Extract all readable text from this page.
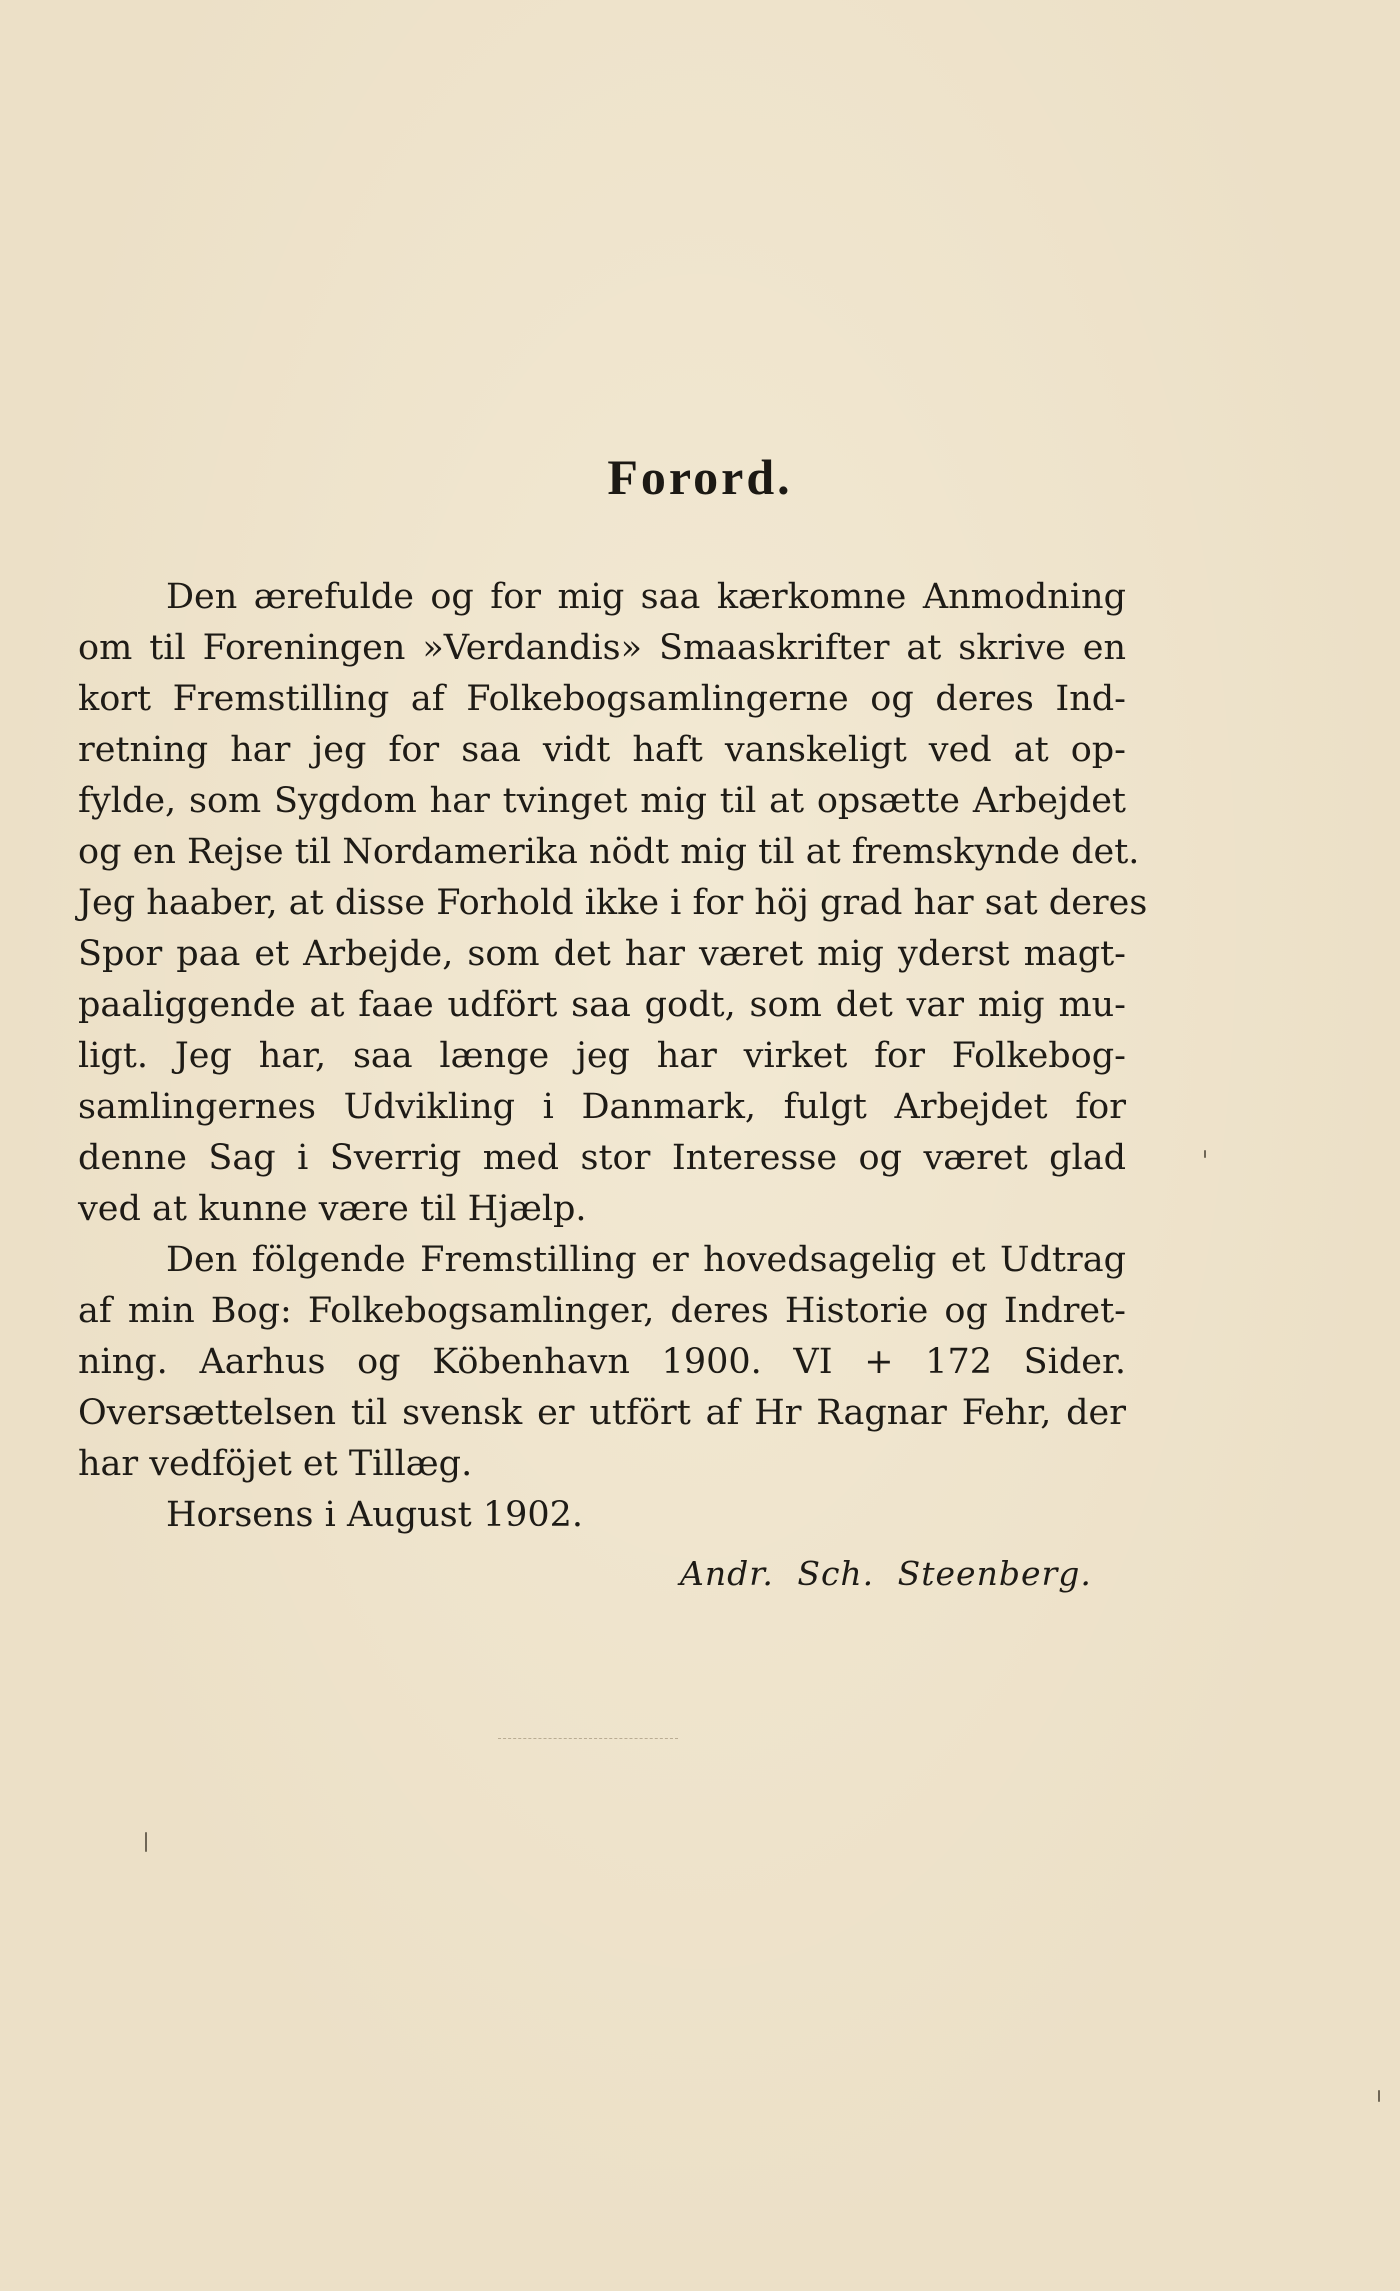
Forord.
Den ærefulde og for mig saa kærkomne Anmodning
om til Foreningen »Verdandis» Smaaskrifter at skrive en
kort Fremstilling af Folkebogsamlingerne og deres Ind-
retning har jeg for saa vidt haft vanskeligt ved at op-
fylde, som Sygdom har tvinget mig til at opsætte Arbejdet
og en Rejse til Nordamerika nödt mig til at fremskynde det.
Jeg haaber, at disse Forhold ikke i for höj grad har sat deres
Spor paa et Arbejde, som det har været mig yderst magt-
paaliggende at faae udfört saa godt, som det var mig mu-
ligt. Jeg har, saa længe jeg har virket for Folkebog-
samlingernes Udvikling i Danmark, fulgt Arbejdet for
denne Sag i Sverrig med stor Interesse og været glad
ved at kunne være til Hjælp.
Den fölgende Fremstilling er hovedsagelig et Udtrag
af min Bog: Folkebogsamlinger, deres Historie og Indret-
ning. Aarhus og Köbenhavn 1900. VI + 172 Sider.
Oversættelsen til svensk er utfört af Hr Ragnar Fehr, der
har vedföjet et Tillæg.
Horsens i August 1902.
Andr. Sch. Steenberg.
